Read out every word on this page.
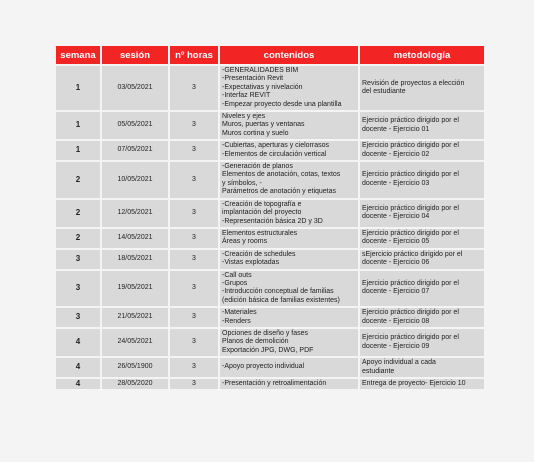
semana	sesión	nº horas	contenidos	metodología
1	03/05/2021	3	-GENERALIDADES BIM
-Presentación Revit
-Expectativas y nivelación
-Interfaz REVIT
-Empezar proyecto desde una plantilla	Revisión de proyectos a elección
del estudiante

1	05/05/2021	3	Niveles y ejes
Muros, puertas y ventanas
Muros cortina y suelo	Ejercicio práctico dirigido por el
docente - Ejercicio 01

1	07/05/2021	3	-Cubiertas, aperturas y cielorrasos
-Elementos de circulación vertical	Ejercicio práctico dirigido por el
docente - Ejercicio 02

2	10/05/2021	3	-Generación de planos
Elementos de anotación, cotas, textos
y símbolos, -
Parámetros de anotación y etiquetas	Ejercicio práctico dirigido por el
docente - Ejercicio 03

2	12/05/2021	3	-Creación de topografía e
implantación del proyecto
-Representación básica 2D y 3D	Ejercicio práctico dirigido por el
docente - Ejercicio 04

2	14/05/2021	3	Elementos estructurales
Áreas y rooms	Ejercicio práctico dirigido por el
docente - Ejercicio 05

3	18/05/2021	3	-Creación de schedules
-Vistas explotadas	sEjercicio práctico dirigido por el
docente - Ejercicio 06

3	19/05/2021	3	-Call outs
-Grupos
-Introducción conceptual de familias
(edición básica de familias existentes)	Ejercicio práctico dirigido por el
docente - Ejercicio 07

3	21/05/2021	3	-Materiales
-Renders	Ejercicio práctico dirigido por el
docente - Ejercicio 08

4	24/05/2021	3	Opciones de diseño y fases
Planos de demolición
Exportación JPG, DWG, PDF	Ejercicio práctico dirigido por el
docente - Ejercicio 09

4	26/05/1900	3	-Apoyo proyecto individual	Apoyo individual a cada
estudiante

4	28/05/2020	3	-Presentación y retroalimentación	Entrega de proyecto- Ejercicio 10
